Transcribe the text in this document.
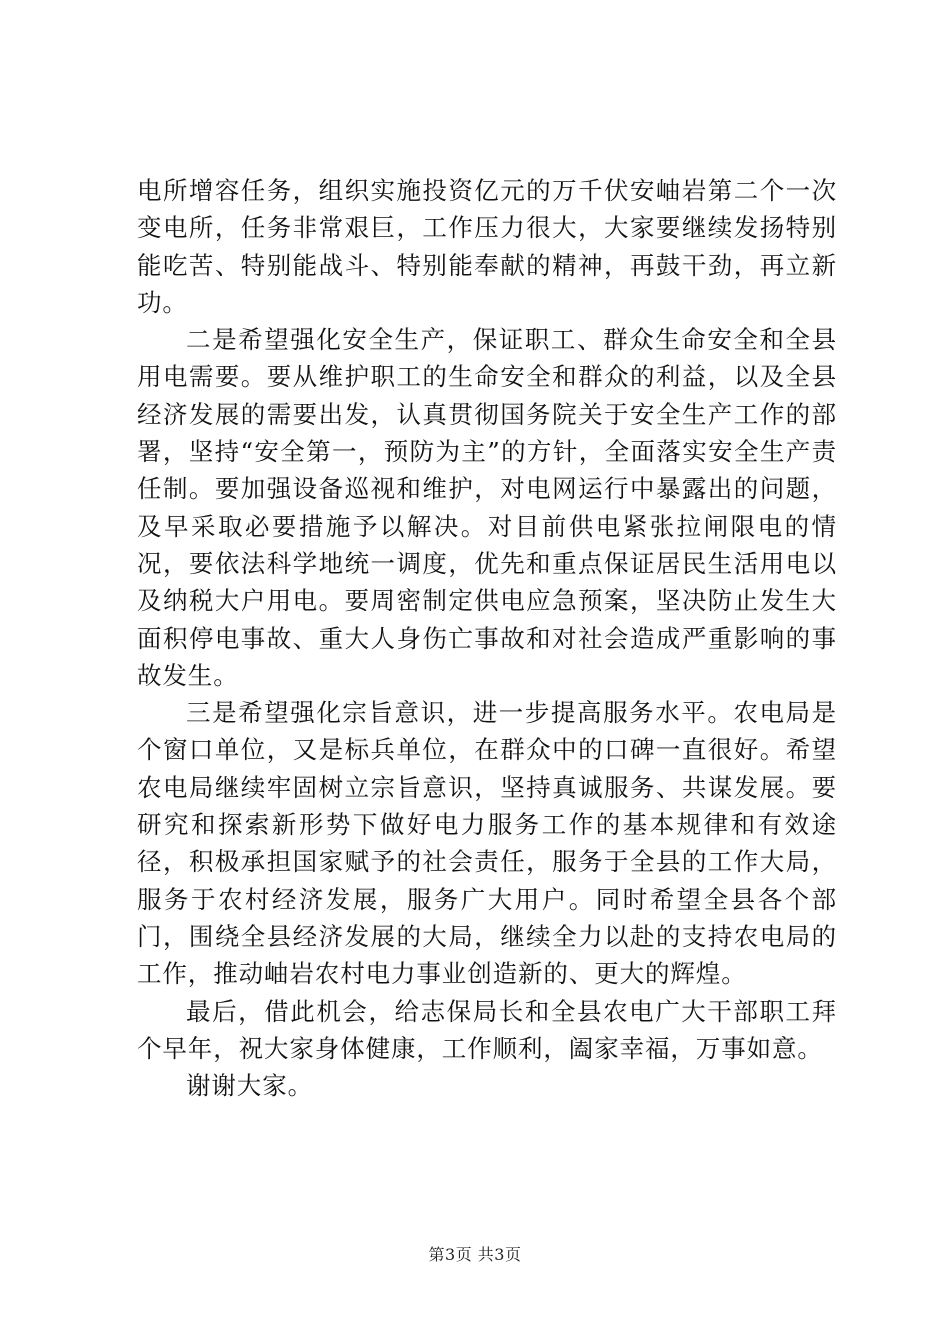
电所增容任务，组织实施投资亿元的万千伏安岫岩第二个一次变电所，任务非常艰巨，工作压力很大，大家要继续发扬特别能吃苦、特别能战斗、特别能奉献的精神，再鼓干劲，再立新功。

二是希望强化安全生产，保证职工、群众生命安全和全县用电需要。要从维护职工的生命安全和群众的利益，以及全县经济发展的需要出发，认真贯彻国务院关于安全生产工作的部署，坚持“安全第一，预防为主”的方针，全面落实安全生产责任制。要加强设备巡视和维护，对电网运行中暴露出的问题，及早采取必要措施予以解决。对目前供电紧张拉闸限电的情况，要依法科学地统一调度，优先和重点保证居民生活用电以及纳税大户用电。要周密制定供电应急预案，坚决防止发生大面积停电事故、重大人身伤亡事故和对社会造成严重影响的事故发生。

三是希望强化宗旨意识，进一步提高服务水平。农电局是个窗口单位，又是标兵单位，在群众中的口碑一直很好。希望农电局继续牢固树立宗旨意识，坚持真诚服务、共谋发展。要研究和探索新形势下做好电力服务工作的基本规律和有效途径，积极承担国家赋予的社会责任，服务于全县的工作大局，服务于农村经济发展，服务广大用户。同时希望全县各个部门，围绕全县经济发展的大局，继续全力以赴的支持农电局的工作，推动岫岩农村电力事业创造新的、更大的辉煌。

最后，借此机会，给志保局长和全县农电广大干部职工拜个早年，祝大家身体健康，工作顺利，阖家幸福，万事如意。

谢谢大家。

第3页 共3页
